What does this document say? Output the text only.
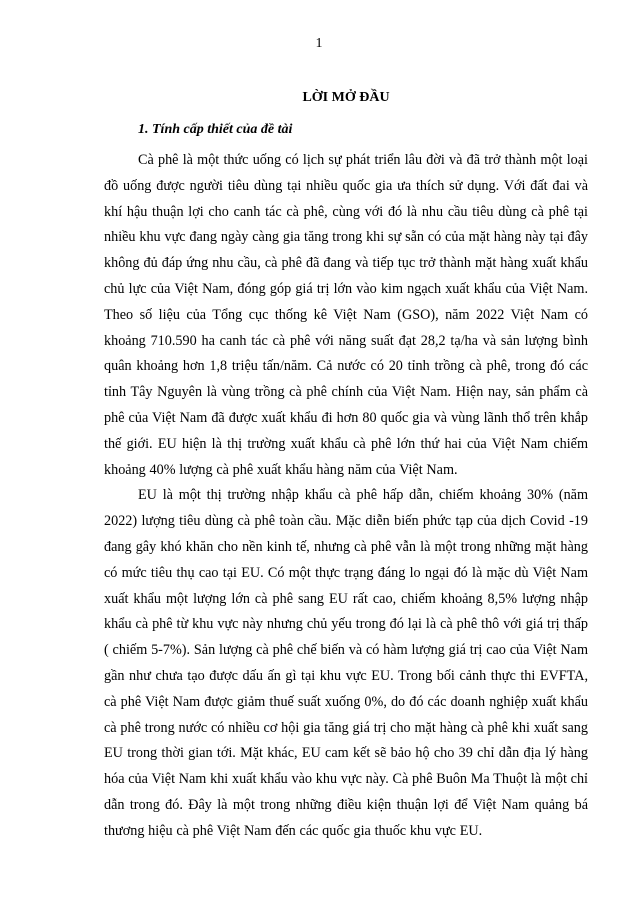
1
LỜI MỞ ĐẦU
1. Tính cấp thiết của đề tài

Cà phê là một thức uống có lịch sự phát triển lâu đời và đã trở thành một loại đồ uống được người tiêu dùng tại nhiều quốc gia ưa thích sử dụng. Với đất đai và khí hậu thuận lợi cho canh tác cà phê, cùng với đó là nhu cầu tiêu dùng cà phê tại nhiều khu vực đang ngày càng gia tăng trong khi sự sẵn có của mặt hàng này tại đây không đủ đáp ứng nhu cầu, cà phê đã đang và tiếp tục trở thành mặt hàng xuất khẩu chủ lực của Việt Nam, đóng góp giá trị lớn vào kim ngạch xuất khẩu của Việt Nam. Theo số liệu của Tổng cục thống kê Việt Nam (GSO), năm 2022 Việt Nam có khoảng 710.590 ha canh tác cà phê với năng suất đạt 28,2 tạ/ha và sản lượng bình quân khoảng hơn 1,8 triệu tấn/năm. Cả nước có 20 tỉnh trồng cà phê, trong đó các tỉnh Tây Nguyên là vùng trồng cà phê chính của Việt Nam. Hiện nay, sản phẩm cà phê của Việt Nam đã được xuất khẩu đi hơn 80 quốc gia và vùng lãnh thổ trên khắp thế giới. EU hiện là thị trường xuất khẩu cà phê lớn thứ hai của Việt Nam chiếm khoảng 40% lượng cà phê xuất khẩu hàng năm của Việt Nam.

EU là một thị trường nhập khẩu cà phê hấp dẫn, chiếm khoảng 30% (năm 2022) lượng tiêu dùng cà phê toàn cầu. Mặc diễn biến phức tạp của dịch Covid -19 đang gây khó khăn cho nền kinh tế, nhưng cà phê vẫn là một trong những mặt hàng có mức tiêu thụ cao tại EU. Có một thực trạng đáng lo ngại đó là mặc dù Việt Nam xuất khẩu một lượng lớn cà phê sang EU rất cao, chiếm khoảng 8,5% lượng nhập khẩu cà phê từ khu vực này nhưng chủ yếu trong đó lại là cà phê thô với giá trị thấp ( chiếm 5-7%). Sản lượng cà phê chế biến và có hàm lượng giá trị cao của Việt Nam gần như chưa tạo được dấu ấn gì tại khu vực EU. Trong bối cảnh thực thi EVFTA, cà phê Việt Nam được giảm thuế suất xuống 0%, do đó các doanh nghiệp xuất khẩu cà phê trong nước có nhiều cơ hội gia tăng giá trị cho mặt hàng cà phê khi xuất sang EU trong thời gian tới. Mặt khác, EU cam kết sẽ bảo hộ cho 39 chỉ dẫn địa lý hàng hóa của Việt Nam khi xuất khẩu vào khu vực này. Cà phê Buôn Ma Thuột là một chỉ dẫn trong đó. Đây là một trong những điều kiện thuận lợi để Việt Nam quảng bá thương hiệu cà phê Việt Nam đến các quốc gia thuốc khu vực EU.
